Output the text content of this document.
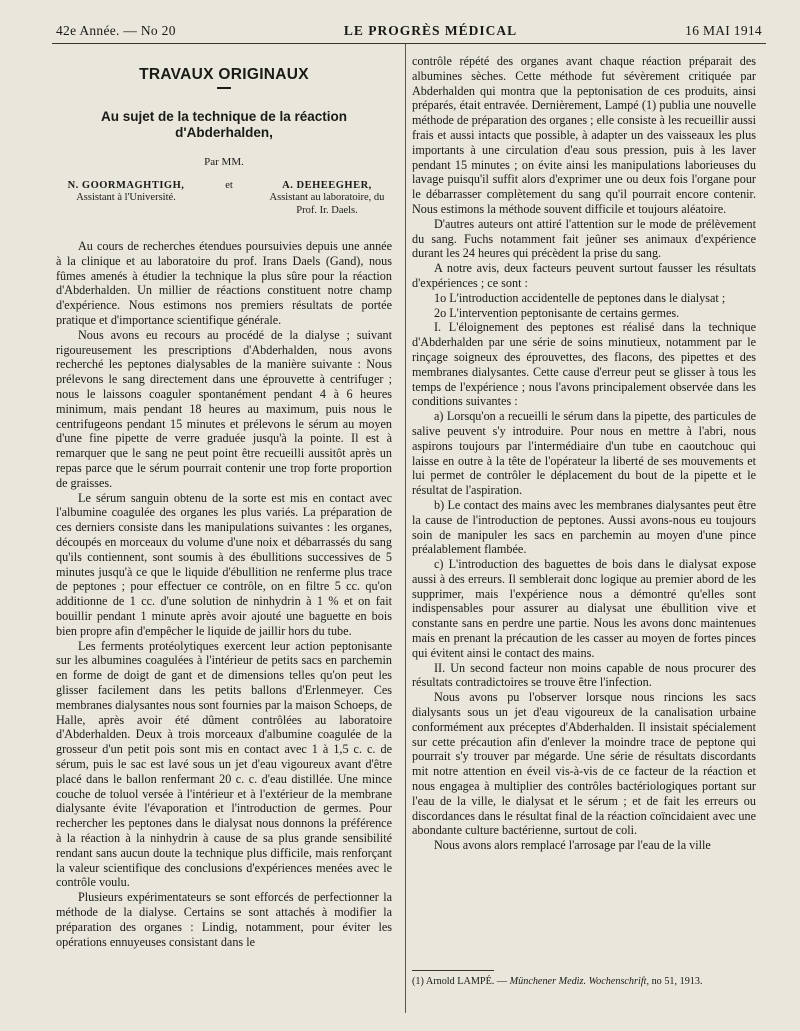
42e Année. — No 20	LE PROGRÈS MÉDICAL	16 MAI 1914
TRAVAUX ORIGINAUX
Au sujet de la technique de la réaction d'Abderhalden,
Par MM.
N. GOORMAGHTIGH,
Assistant à l'Université.
et	A. DEHEEGHER,
Assistant au laboratoire, du Prof. Ir. Daels.

Au cours de recherches étendues poursuivies depuis une année à la clinique et au laboratoire du prof. Irans Daels (Gand), nous fûmes amenés à étudier la technique la plus sûre pour la réaction d'Abderhalden. Un millier de réactions constituent notre champ d'expérience. Nous estimons nos premiers résultats de portée pratique et d'importance scientifique générale.

Nous avons eu recours au procédé de la dialyse ; suivant rigoureusement les prescriptions d'Abderhalden, nous avons recherché les peptones dialysables de la manière suivante : Nous prélevons le sang directement dans une éprouvette à centrifuger ; nous le laissons coaguler spontanément pendant 4 à 6 heures minimum, mais pendant 18 heures au maximum, puis nous le centrifugeons pendant 15 minutes et prélevons le sérum au moyen d'une fine pipette de verre graduée jusqu'à la pointe. Il est à remarquer que le sang ne peut point être recueilli aussitôt après un repas parce que le sérum pourrait contenir une trop forte proportion de graisses.

Le sérum sanguin obtenu de la sorte est mis en contact avec l'albumine coagulée des organes les plus variés. La préparation de ces derniers consiste dans les manipulations suivantes : les organes, découpés en morceaux du volume d'une noix et débarrassés du sang qu'ils contiennent, sont soumis à des ébullitions successives de 5 minutes jusqu'à ce que le liquide d'ébullition ne renferme plus trace de peptones ; pour effectuer ce contrôle, on en filtre 5 cc. qu'on additionne de 1 cc. d'une solution de ninhydrin à 1 % et on fait bouillir pendant 1 minute après avoir ajouté une baguette en bois bien propre afin d'empêcher le liquide de jaillir hors du tube.

Les ferments protéolytiques exercent leur action peptonisante sur les albumines coagulées à l'intérieur de petits sacs en parchemin en forme de doigt de gant et de dimensions telles qu'on peut les glisser facilement dans les petits ballons d'Erlenmeyer. Ces membranes dialysantes nous sont fournies par la maison Schoeps, de Halle, après avoir été dûment contrôlées au laboratoire d'Abderhalden. Deux à trois morceaux d'albumine coagulée de la grosseur d'un petit pois sont mis en contact avec 1 à 1,5 c. c. de sérum, puis le sac est lavé sous un jet d'eau vigoureux avant d'être placé dans le ballon renfermant 20 c. c. d'eau distillée. Une mince couche de toluol versée à l'intérieur et à l'extérieur de la membrane dialysante évite l'évaporation et l'introduction de germes. Pour rechercher les peptones dans le dialysat nous donnons la préférence à la réaction à la ninhydrin à cause de sa plus grande sensibilité rendant sans aucun doute la technique plus difficile, mais renforçant la valeur scientifique des conclusions d'expériences menées avec le contrôle voulu.

Plusieurs expérimentateurs se sont efforcés de perfectionner la méthode de la dialyse. Certains se sont attachés à modifier la préparation des organes : Lindig, notamment, pour éviter les opérations ennuyeuses consistant dans le

contrôle répété des organes avant chaque réaction préparait des albumines sèches. Cette méthode fut sévèrement critiquée par Abderhalden qui montra que la peptonisation de ces produits, ainsi préparés, était entravée. Dernièrement, Lampé (1) publia une nouvelle méthode de préparation des organes ; elle consiste à les recueillir aussi frais et aussi intacts que possible, à adapter un des vaisseaux les plus importants à une circulation d'eau sous pression, puis à les laver pendant 15 minutes ; on évite ainsi les manipulations laborieuses du lavage puisqu'il suffit alors d'exprimer une ou deux fois l'organe pour le débarrasser complètement du sang qu'il pourrait encore contenir. Nous estimons la méthode souvent difficile et toujours aléatoire.

D'autres auteurs ont attiré l'attention sur le mode de prélèvement du sang. Fuchs notamment fait jeûner ses animaux d'expérience durant les 24 heures qui précèdent la prise du sang.

A notre avis, deux facteurs peuvent surtout fausser les résultats d'expériences ; ce sont :

1o L'introduction accidentelle de peptones dans le dialysat ;

2o L'intervention peptonisante de certains germes.

I. L'éloignement des peptones est réalisé dans la technique d'Abderhalden par une série de soins minutieux, notamment par le rinçage soigneux des éprouvettes, des flacons, des pipettes et des membranes dialysantes. Cette cause d'erreur peut se glisser à tous les temps de l'expérience ; nous l'avons principalement observée dans les conditions suivantes :

a) Lorsqu'on a recueilli le sérum dans la pipette, des particules de salive peuvent s'y introduire. Pour nous en mettre à l'abri, nous aspirons toujours par l'intermédiaire d'un tube en caoutchouc qui laisse en outre à la tête de l'opérateur la liberté de ses mouvements et lui permet de contrôler le déplacement du bout de la pipette et le résultat de l'aspiration.

b) Le contact des mains avec les membranes dialysantes peut être la cause de l'introduction de peptones. Aussi avons-nous eu toujours soin de manipuler les sacs en parchemin au moyen d'une pince préalablement flambée.

c) L'introduction des baguettes de bois dans le dialysat expose aussi à des erreurs. Il semblerait donc logique au premier abord de les supprimer, mais l'expérience nous a démontré qu'elles sont indispensables pour assurer au dialysat une ébullition vive et constante sans en perdre une partie. Nous les avons donc maintenues mais en prenant la précaution de les casser au moyen de fortes pinces qui évitent ainsi le contact des mains.

II. Un second facteur non moins capable de nous procurer des résultats contradictoires se trouve être l'infection.

Nous avons pu l'observer lorsque nous rincions les sacs dialysants sous un jet d'eau vigoureux de la canalisation urbaine conformément aux préceptes d'Abderhalden. Il insistait spécialement sur cette précaution afin d'enlever la moindre trace de peptone qui pourrait s'y trouver par mégarde. Une série de résultats discordants mit notre attention en éveil vis-à-vis de ce facteur de la réaction et nous engagea à multiplier des contrôles bactériologiques portant sur l'eau de la ville, le dialysat et le sérum ; et de fait les erreurs ou discordances dans le résultat final de la réaction coïncidaient avec une abondante culture bactérienne, surtout de coli.

Nous avons alors remplacé l'arrosage par l'eau de la ville

(1) Arnold LAMPÉ. — Münchener Mediz. Wochenschrift, no 51, 1913.
